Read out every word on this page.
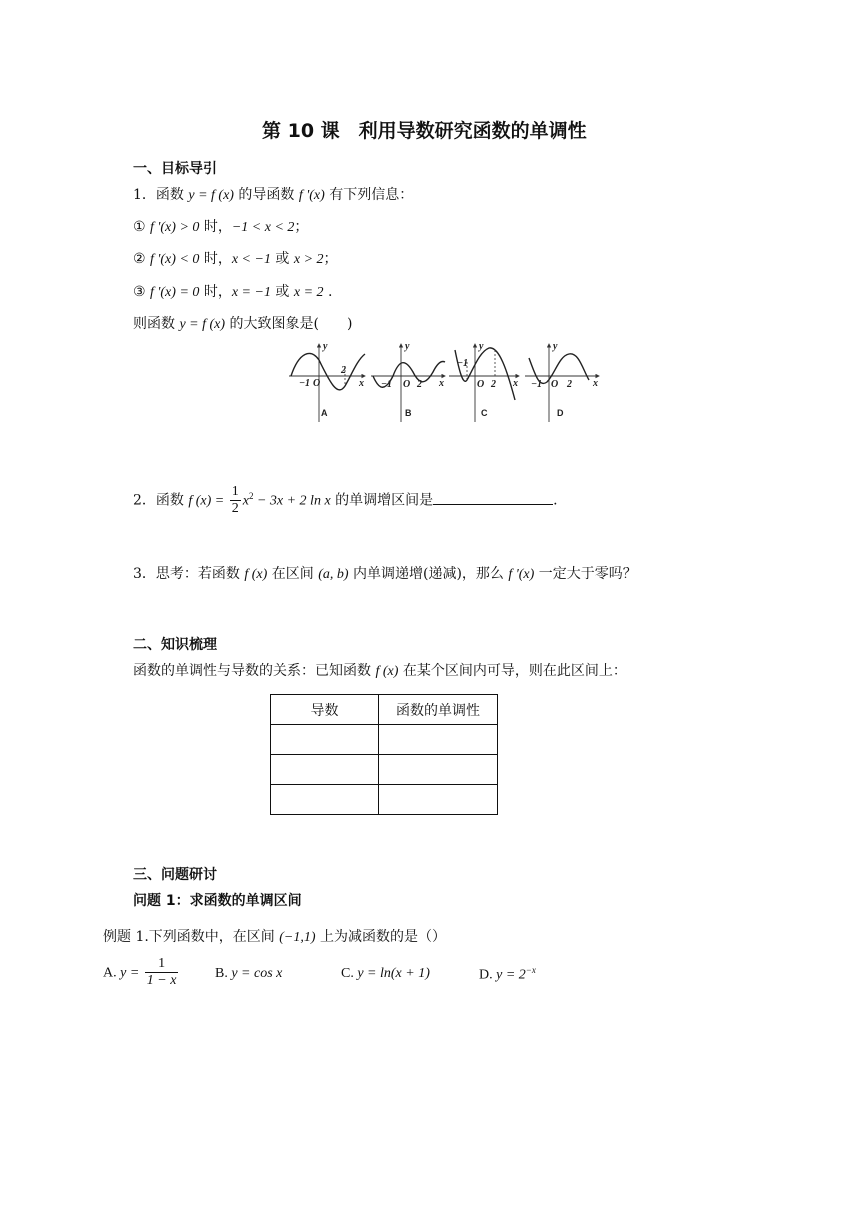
第 10 课　利用导数研究函数的单调性
一、目标导引
1．函数 y = f (x) 的导函数 f '(x) 有下列信息：
① f '(x) > 0 时，−1 < x < 2；
② f '(x) < 0 时，x < −1 或 x > 2；
③ f '(x) = 0 时，x = −1 或 x = 2 .
则函数 y = f (x) 的大致图象是(　　)
y
x
−1 O
2
A
y
x
−1 O 2
B
y
x
−1
O 2
C
y
x
−1 O 2
D
2．函数 f $(x) = \frac{1}{2} x^2 - 3x + 2$ ln x 的单调增区间是	.
3．思考：若函数 f (x) 在区间 (a, b) 内单调递增(递减)，那么 f '(x) 一定大于零吗？
二、知识梳理
函数的单调性与导数的关系：已知函数 f (x) 在某个区间内可导，则在此区间上：
导数	函数的单调性

三、问题研讨
问题 1：求函数的单调区间
例题 1.下列函数中，在区间 (−1,1) 上为减函数的是（）
A. $y = \frac{1}{1 - x}$	B. y = cos x	C. y = ln(x + 1)	D. $y = 2^{-x}$
